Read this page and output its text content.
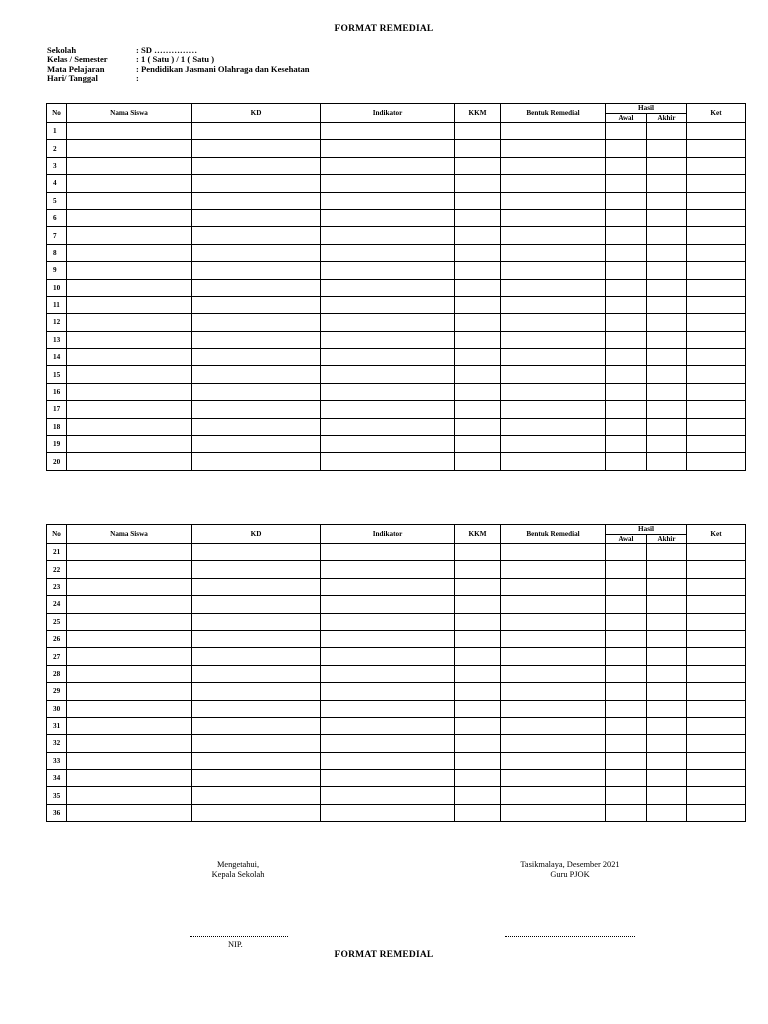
FORMAT REMEDIAL
Sekolah	: SD ……………
Kelas / Semester	: 1 ( Satu ) / 1 ( Satu )
Mata Pelajaran	: Pendidikan Jasmani Olahraga dan Kesehatan
Hari/ Tanggal	:
No	Nama Siswa	KD	Indikator	KKM	Bentuk Remedial	Hasil		Ket
						Awal	Akhir	
1								
2								
3								
4								
5								
6								
7								
8								
9								
10								
11								
12								
13								
14								
15								
16								
17								
18								
19								
20								
No	Nama Siswa	KD	Indikator	KKM	Bentuk Remedial	Hasil		Ket
						Awal	Akhir	
21								
22								
23								
24								
25								
26								
27								
28								
29								
30								
31								
32								
33								
34								
35								
36								
Mengetahui,
Kepala Sekolah
Tasikmalaya, Desember 2021
Guru PJOK
NIP.
FORMAT REMEDIAL
